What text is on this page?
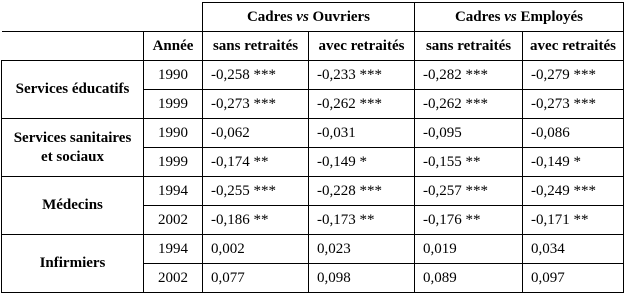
		Cadres vs Ouvriers		Cadres vs Employés	
	Année	sans retraités	avec retraités	sans retraités	avec retraités
Services éducatifs	1990	-0,258 ***	-0,233 ***	-0,282 ***	-0,279 ***
	1999	-0,273 ***	-0,262 ***	-0,262 ***	-0,273 ***
Services sanitaires
et sociaux	1990	-0,062	-0,031	-0,095	-0,086
	1999	-0,174 **	-0,149 *	-0,155 **	-0,149 *
Médecins	1994	-0,255 ***	-0,228 ***	-0,257 ***	-0,249 ***
	2002	-0,186 **	-0,173 **	-0,176 **	-0,171 **
Infirmiers	1994	0,002	0,023	0,019	0,034
	2002	0,077	0,098	0,089	0,097
